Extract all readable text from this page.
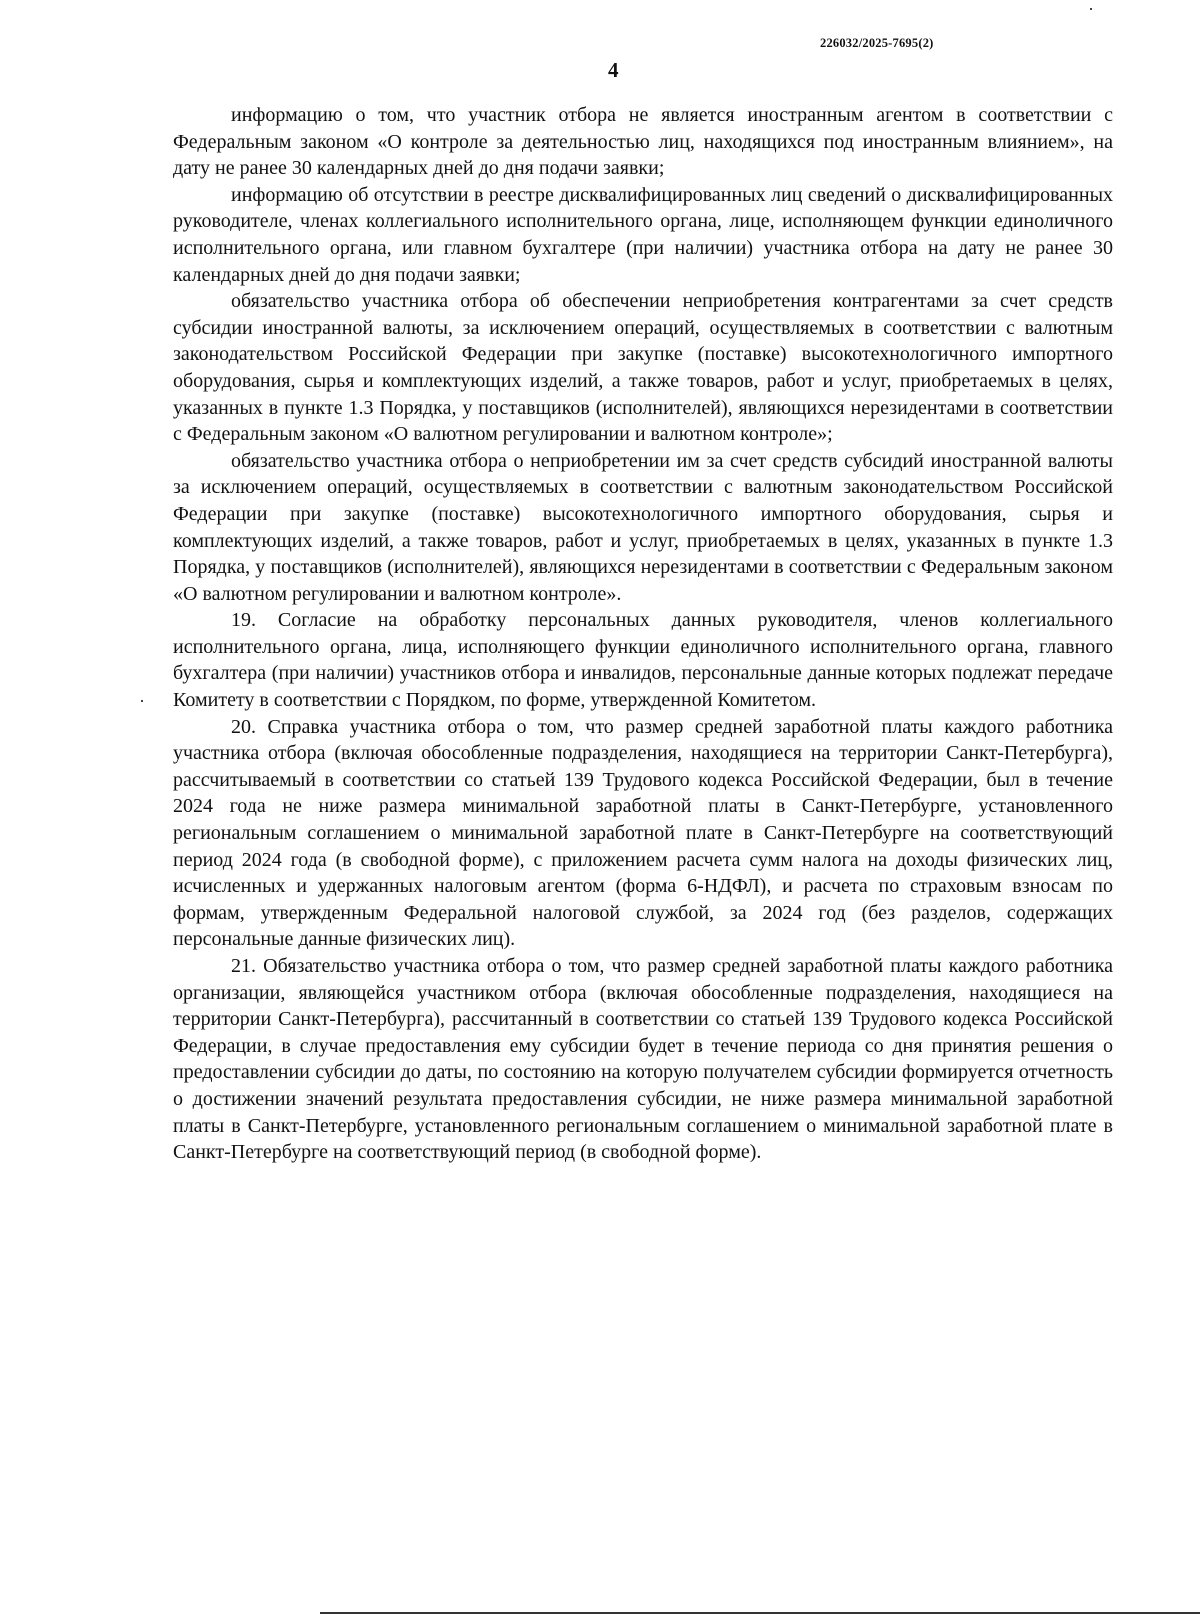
226032/2025-7695(2)
4

информацию о том, что участник отбора не является иностранным агентом в соответствии с Федеральным законом «О контроле за деятельностью лиц, находящихся под иностранным влиянием», на дату не ранее 30 календарных дней до дня подачи заявки;

информацию об отсутствии в реестре дисквалифицированных лиц сведений о дисквалифицированных руководителе, членах коллегиального исполнительного органа, лице, исполняющем функции единоличного исполнительного органа, или главном бухгалтере (при наличии) участника отбора на дату не ранее 30 календарных дней до дня подачи заявки;

обязательство участника отбора об обеспечении неприобретения контрагентами за счет средств субсидии иностранной валюты, за исключением операций, осуществляемых в соответствии с валютным законодательством Российской Федерации при закупке (поставке) высокотехнологичного импортного оборудования, сырья и комплектующих изделий, а также товаров, работ и услуг, приобретаемых в целях, указанных в пункте 1.3 Порядка, у поставщиков (исполнителей), являющихся нерезидентами в соответствии с Федеральным законом «О валютном регулировании и валютном контроле»;

обязательство участника отбора о неприобретении им за счет средств субсидий иностранной валюты за исключением операций, осуществляемых в соответствии с валютным законодательством Российской Федерации при закупке (поставке) высокотехнологичного импортного оборудования, сырья и комплектующих изделий, а также товаров, работ и услуг, приобретаемых в целях, указанных в пункте 1.3 Порядка, у поставщиков (исполнителей), являющихся нерезидентами в соответствии с Федеральным законом «О валютном регулировании и валютном контроле».

19. Согласие на обработку персональных данных руководителя, членов коллегиального исполнительного органа, лица, исполняющего функции единоличного исполнительного органа, главного бухгалтера (при наличии) участников отбора и инвалидов, персональные данные которых подлежат передаче Комитету в соответствии с Порядком, по форме, утвержденной Комитетом.

20. Справка участника отбора о том, что размер средней заработной платы каждого работника участника отбора (включая обособленные подразделения, находящиеся на территории Санкт-Петербурга), рассчитываемый в соответствии со статьей 139 Трудового кодекса Российской Федерации, был в течение 2024 года не ниже размера минимальной заработной платы в Санкт-Петербурге, установленного региональным соглашением о минимальной заработной плате в Санкт-Петербурге на соответствующий период 2024 года (в свободной форме), с приложением расчета сумм налога на доходы физических лиц, исчисленных и удержанных налоговым агентом (форма 6-НДФЛ), и расчета по страховым взносам по формам, утвержденным Федеральной налоговой службой, за 2024 год (без разделов, содержащих персональные данные физических лиц).

21. Обязательство участника отбора о том, что размер средней заработной платы каждого работника организации, являющейся участником отбора (включая обособленные подразделения, находящиеся на территории Санкт-Петербурга), рассчитанный в соответствии со статьей 139 Трудового кодекса Российской Федерации, в случае предоставления ему субсидии будет в течение периода со дня принятия решения о предоставлении субсидии до даты, по состоянию на которую получателем субсидии формируется отчетность о достижении значений результата предоставления субсидии, не ниже размера минимальной заработной платы в Санкт-Петербурге, установленного региональным соглашением о минимальной заработной плате в Санкт-Петербурге на соответствующий период (в свободной форме).
